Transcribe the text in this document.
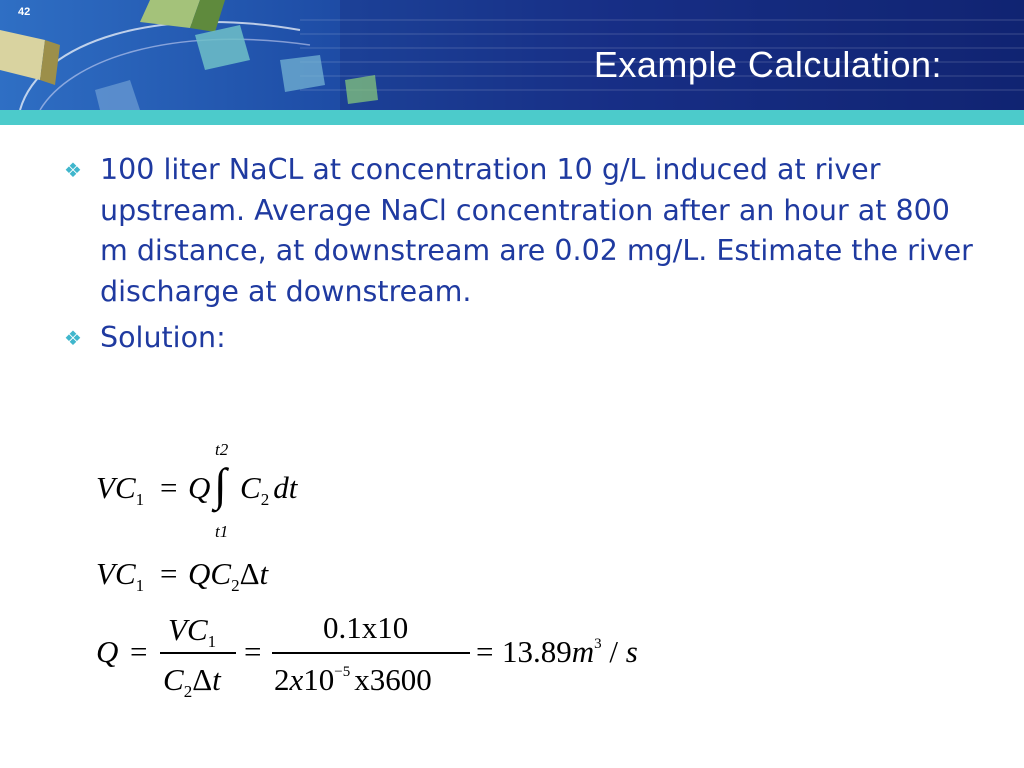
42
Example Calculation:
❖ 100 liter NaCL at concentration 10 g/L induced at river upstream. Average NaCl concentration after an hour at 800 m distance, at downstream are 0.02 mg/L. Estimate the river discharge at downstream.
❖ Solution:
$VC_1 = Q$ ∫
t2
t1
$C_2$ dt
$VC_1 = QC_2\Delta t$
Q =
$VC_1$
$C_2\Delta t$
=
0.1x10
$2x10^{-5}$ x3600
= $13.89m^3$ / s
